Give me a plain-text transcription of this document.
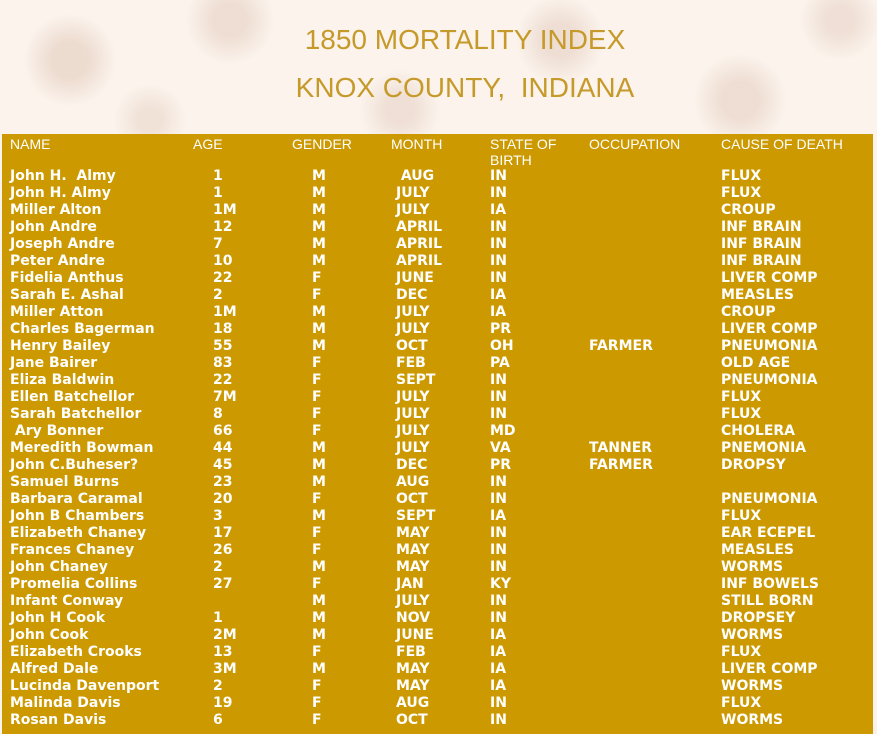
1850 MORTALITY INDEX

KNOX COUNTY,  INDIANA

NAME	AGE	GENDER	MONTH	STATE OF BIRTH	OCCUPATION	CAUSE OF DEATH
John H.  Almy	1	M	AUG	IN		FLUX
John H. Almy	1	M	JULY	IN		FLUX
Miller Alton	1M	M	JULY	IA		CROUP
John Andre	12	M	APRIL	IN		INF BRAIN
Joseph Andre	7	M	APRIL	IN		INF BRAIN
Peter Andre	10	M	APRIL	IN		INF BRAIN
Fidelia Anthus	22	F	JUNE	IN		LIVER COMP
Sarah E. Ashal	2	F	DEC	IA		MEASLES
Miller Atton	1M	M	JULY	IA		CROUP
Charles Bagerman	18	M	JULY	PR		LIVER COMP
Henry Bailey	55	M	OCT	OH	FARMER	PNEUMONIA
Jane Bairer	83	F	FEB	PA		OLD AGE
Eliza Baldwin	22	F	SEPT	IN		PNEUMONIA
Ellen Batchellor	7M	F	JULY	IN		FLUX
Sarah Batchellor	8	F	JULY	IN		FLUX
Ary Bonner	66	F	JULY	MD		CHOLERA
Meredith Bowman	44	M	JULY	VA	TANNER	PNEMONIA
John C.Buheser?	45	M	DEC	PR	FARMER	DROPSY
Samuel Burns	23	M	AUG	IN		
Barbara Caramal	20	F	OCT	IN		PNEUMONIA
John B Chambers	3	M	SEPT	IA		FLUX
Elizabeth Chaney	17	F	MAY	IN		EAR ECEPEL
Frances Chaney	26	F	MAY	IN		MEASLES
John Chaney	2	M	MAY	IN		WORMS
Promelia Collins	27	F	JAN	KY		INF BOWELS
Infant Conway		M	JULY	IN		STILL BORN
John H Cook	1	M	NOV	IN		DROPSEY
John Cook	2M	M	JUNE	IA		WORMS
Elizabeth Crooks	13	F	FEB	IA		FLUX
Alfred Dale	3M	M	MAY	IA		LIVER COMP
Lucinda Davenport	2	F	MAY	IA		WORMS
Malinda Davis	19	F	AUG	IN		FLUX
Rosan Davis	6	F	OCT	IN		WORMS
